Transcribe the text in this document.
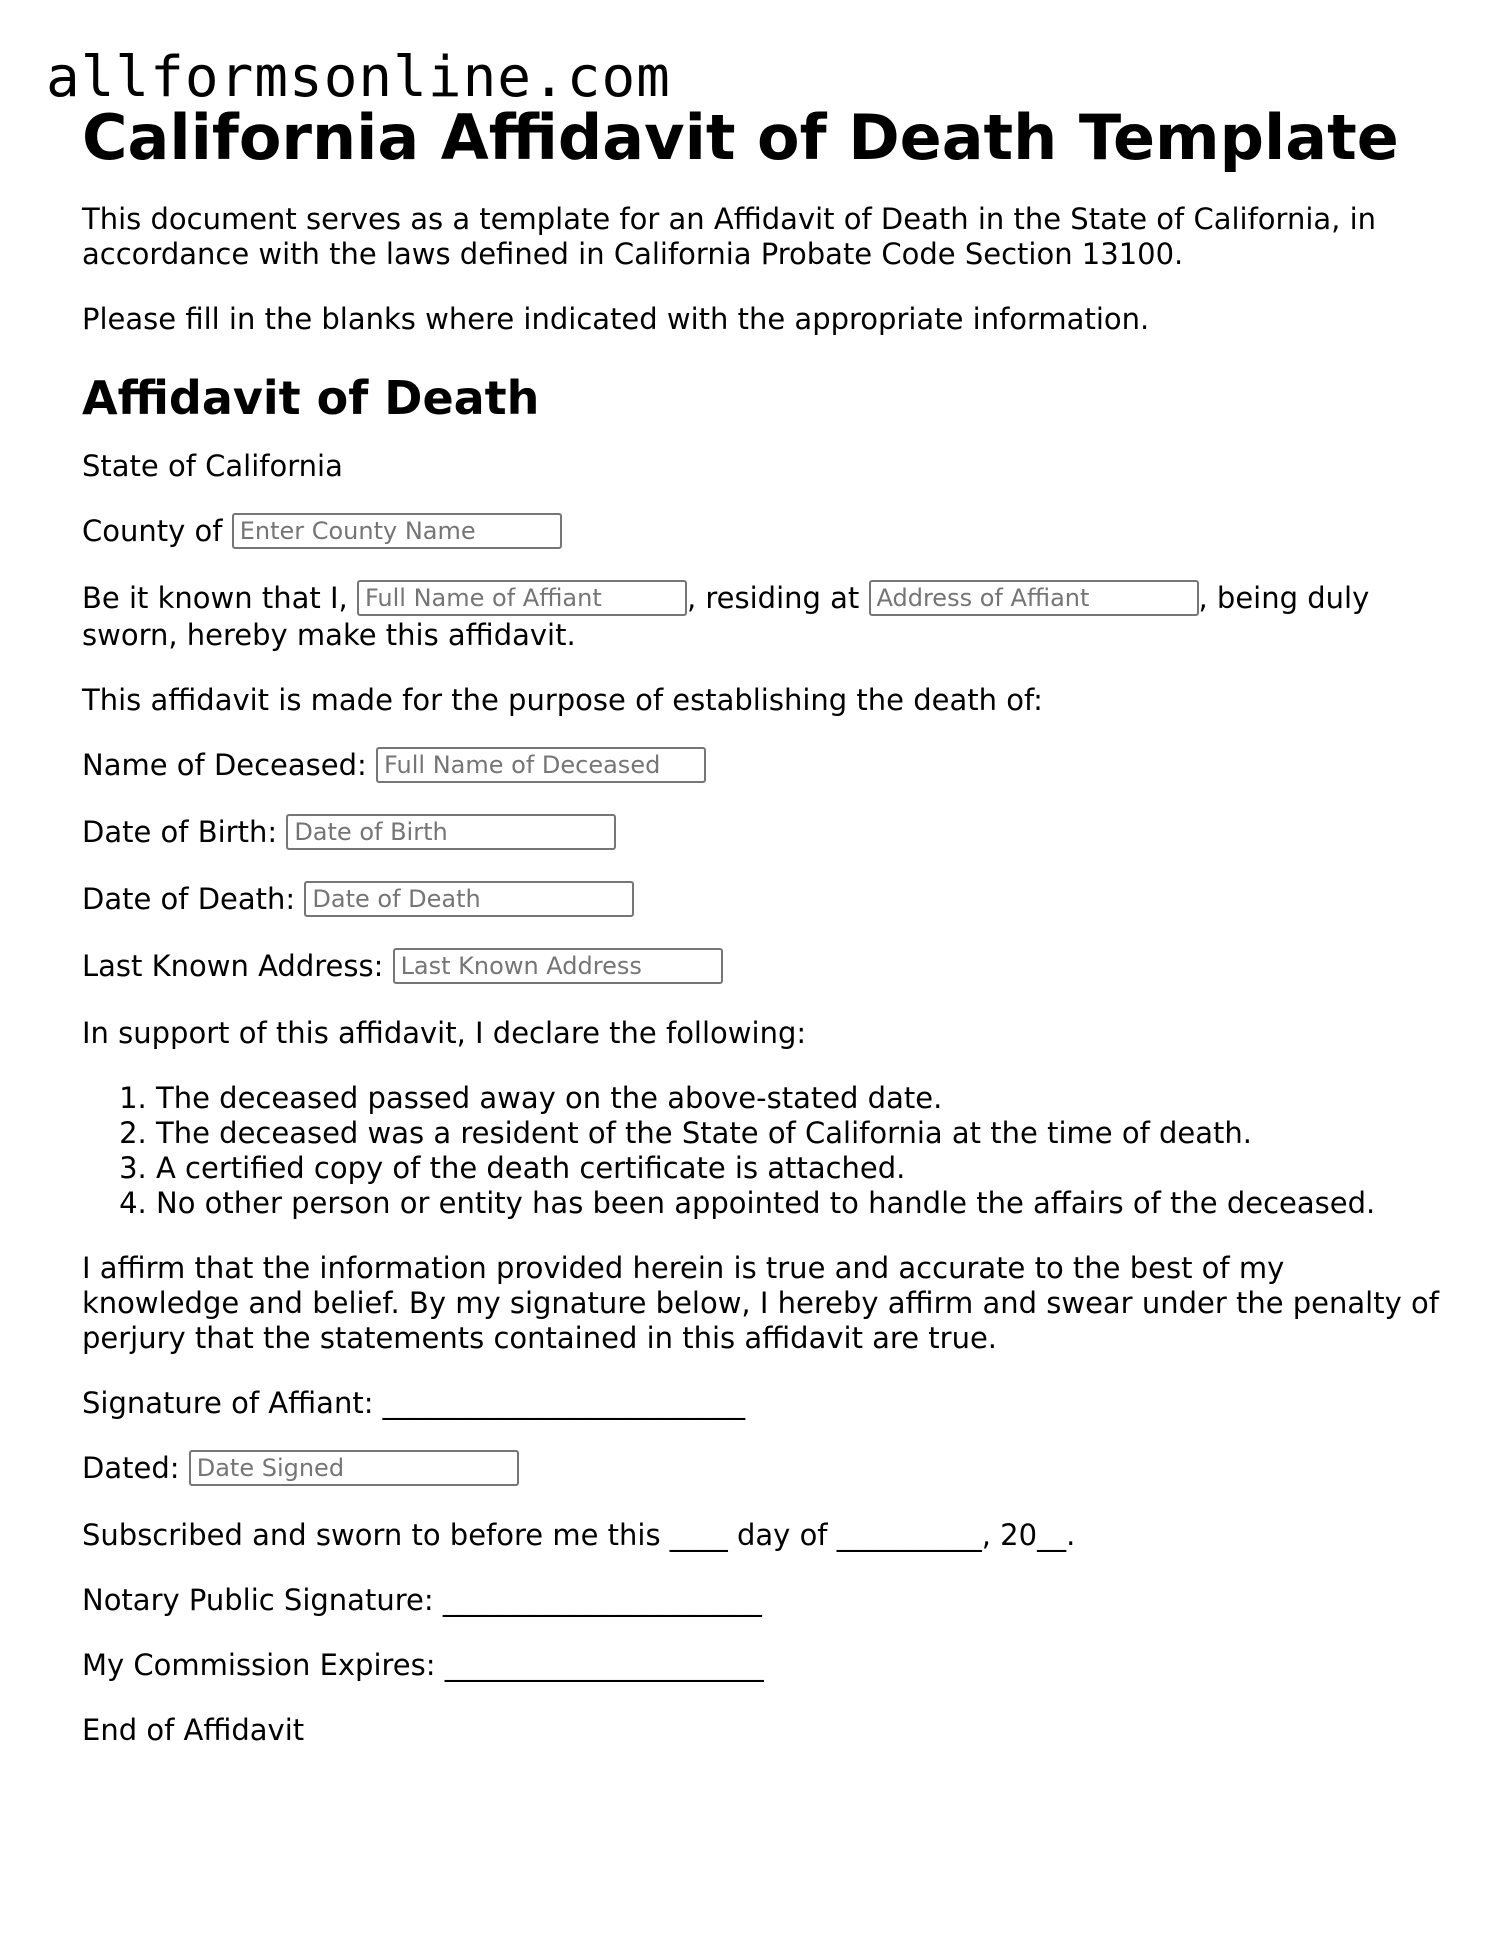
allformsonline.com
California Affidavit of Death Template

This document serves as a template for an Affidavit of Death in the State of California, in accordance with the laws defined in California Probate Code Section 13100.

Please fill in the blanks where indicated with the appropriate information.

Affidavit of Death

State of California

County of Enter County Name
Be it known that I, Full Name of Affiant	, residing at Address of Affiant	, being duly sworn, hereby make this affidavit.

This affidavit is made for the purpose of establishing the death of:

Name of Deceased: Full Name of Deceased
Date of Birth: Date of Birth
Date of Death: Date of Death
Last Known Address: Last Known Address

In support of this affidavit, I declare the following:

1. The deceased passed away on the above-stated date.
2. The deceased was a resident of the State of California at the time of death.
3. A certified copy of the death certificate is attached.
4. No other person or entity has been appointed to handle the affairs of the deceased.

I affirm that the information provided herein is true and accurate to the best of my knowledge and belief. By my signature below, I hereby affirm and swear under the penalty of perjury that the statements contained in this affidavit are true.

Signature of Affiant: _________________________

Dated: Date Signed

Subscribed and sworn to before me this ____ day of __________, 20__.

Notary Public Signature: ______________________

My Commission Expires: ______________________

End of Affidavit
